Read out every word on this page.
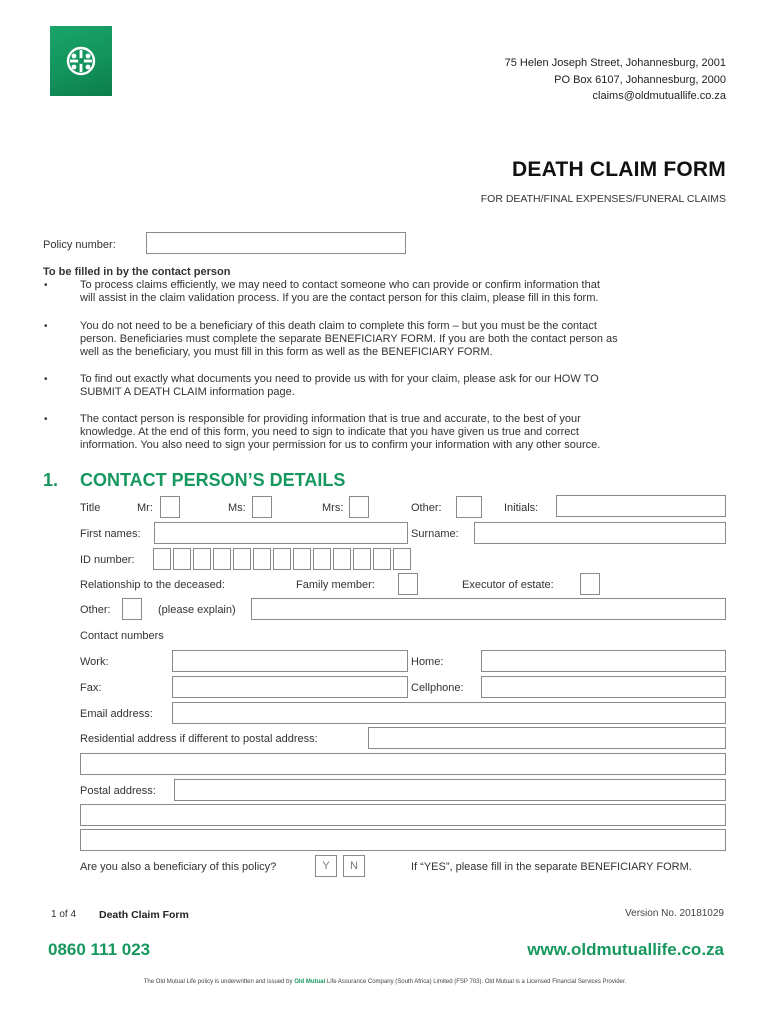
75 Helen Joseph Street, Johannesburg, 2001
PO Box 6107, Johannesburg, 2000
claims@oldmutuallife.co.za
DEATH CLAIM FORM
FOR DEATH/FINAL EXPENSES/FUNERAL CLAIMS
Policy number:
To be filled in by the contact person
•	To process claims efficiently, we may need to contact someone who can provide or confirm information that
will assist in the claim validation process. If you are the contact person for this claim, please fill in this form.
•	You do not need to be a beneficiary of this death claim to complete this form – but you must be the contact
person. Beneficiaries must complete the separate BENEFICIARY FORM. If you are both the contact person as
well as the beneficiary, you must fill in this form as well as the BENEFICIARY FORM.
•	To find out exactly what documents you need to provide us with for your claim, please ask for our HOW TO
SUBMIT A DEATH CLAIM information page.
•	The contact person is responsible for providing information that is true and accurate, to the best of your
knowledge. At the end of this form, you need to sign to indicate that you have given us true and correct
information. You also need to sign your permission for us to confirm your information with any other source.
1. CONTACT PERSON’S DETAILS
Title	Mr:	Ms:	Mrs:	Other:	Initials:
First names:	Surname:
ID number:
Relationship to the deceased:	Family member:	Executor of estate:
Other:	(please explain)
Contact numbers
Work:	Home:
Fax:	Cellphone:
Email address:
Residential address if different to postal address:
Postal address:
Are you also a beneficiary of this policy?	Y	N	If “YES”, please fill in the separate BENEFICIARY FORM.
1 of 4 Death Claim Form	Version No. 20181029
0860 111 023	www.oldmutuallife.co.za
The Old Mutual Life policy is underwritten and issued by Old Mutual Life Assurance Company (South Africa) Limited (FSP 703). Old Mutual is a Licensed Financial Services Provider.
